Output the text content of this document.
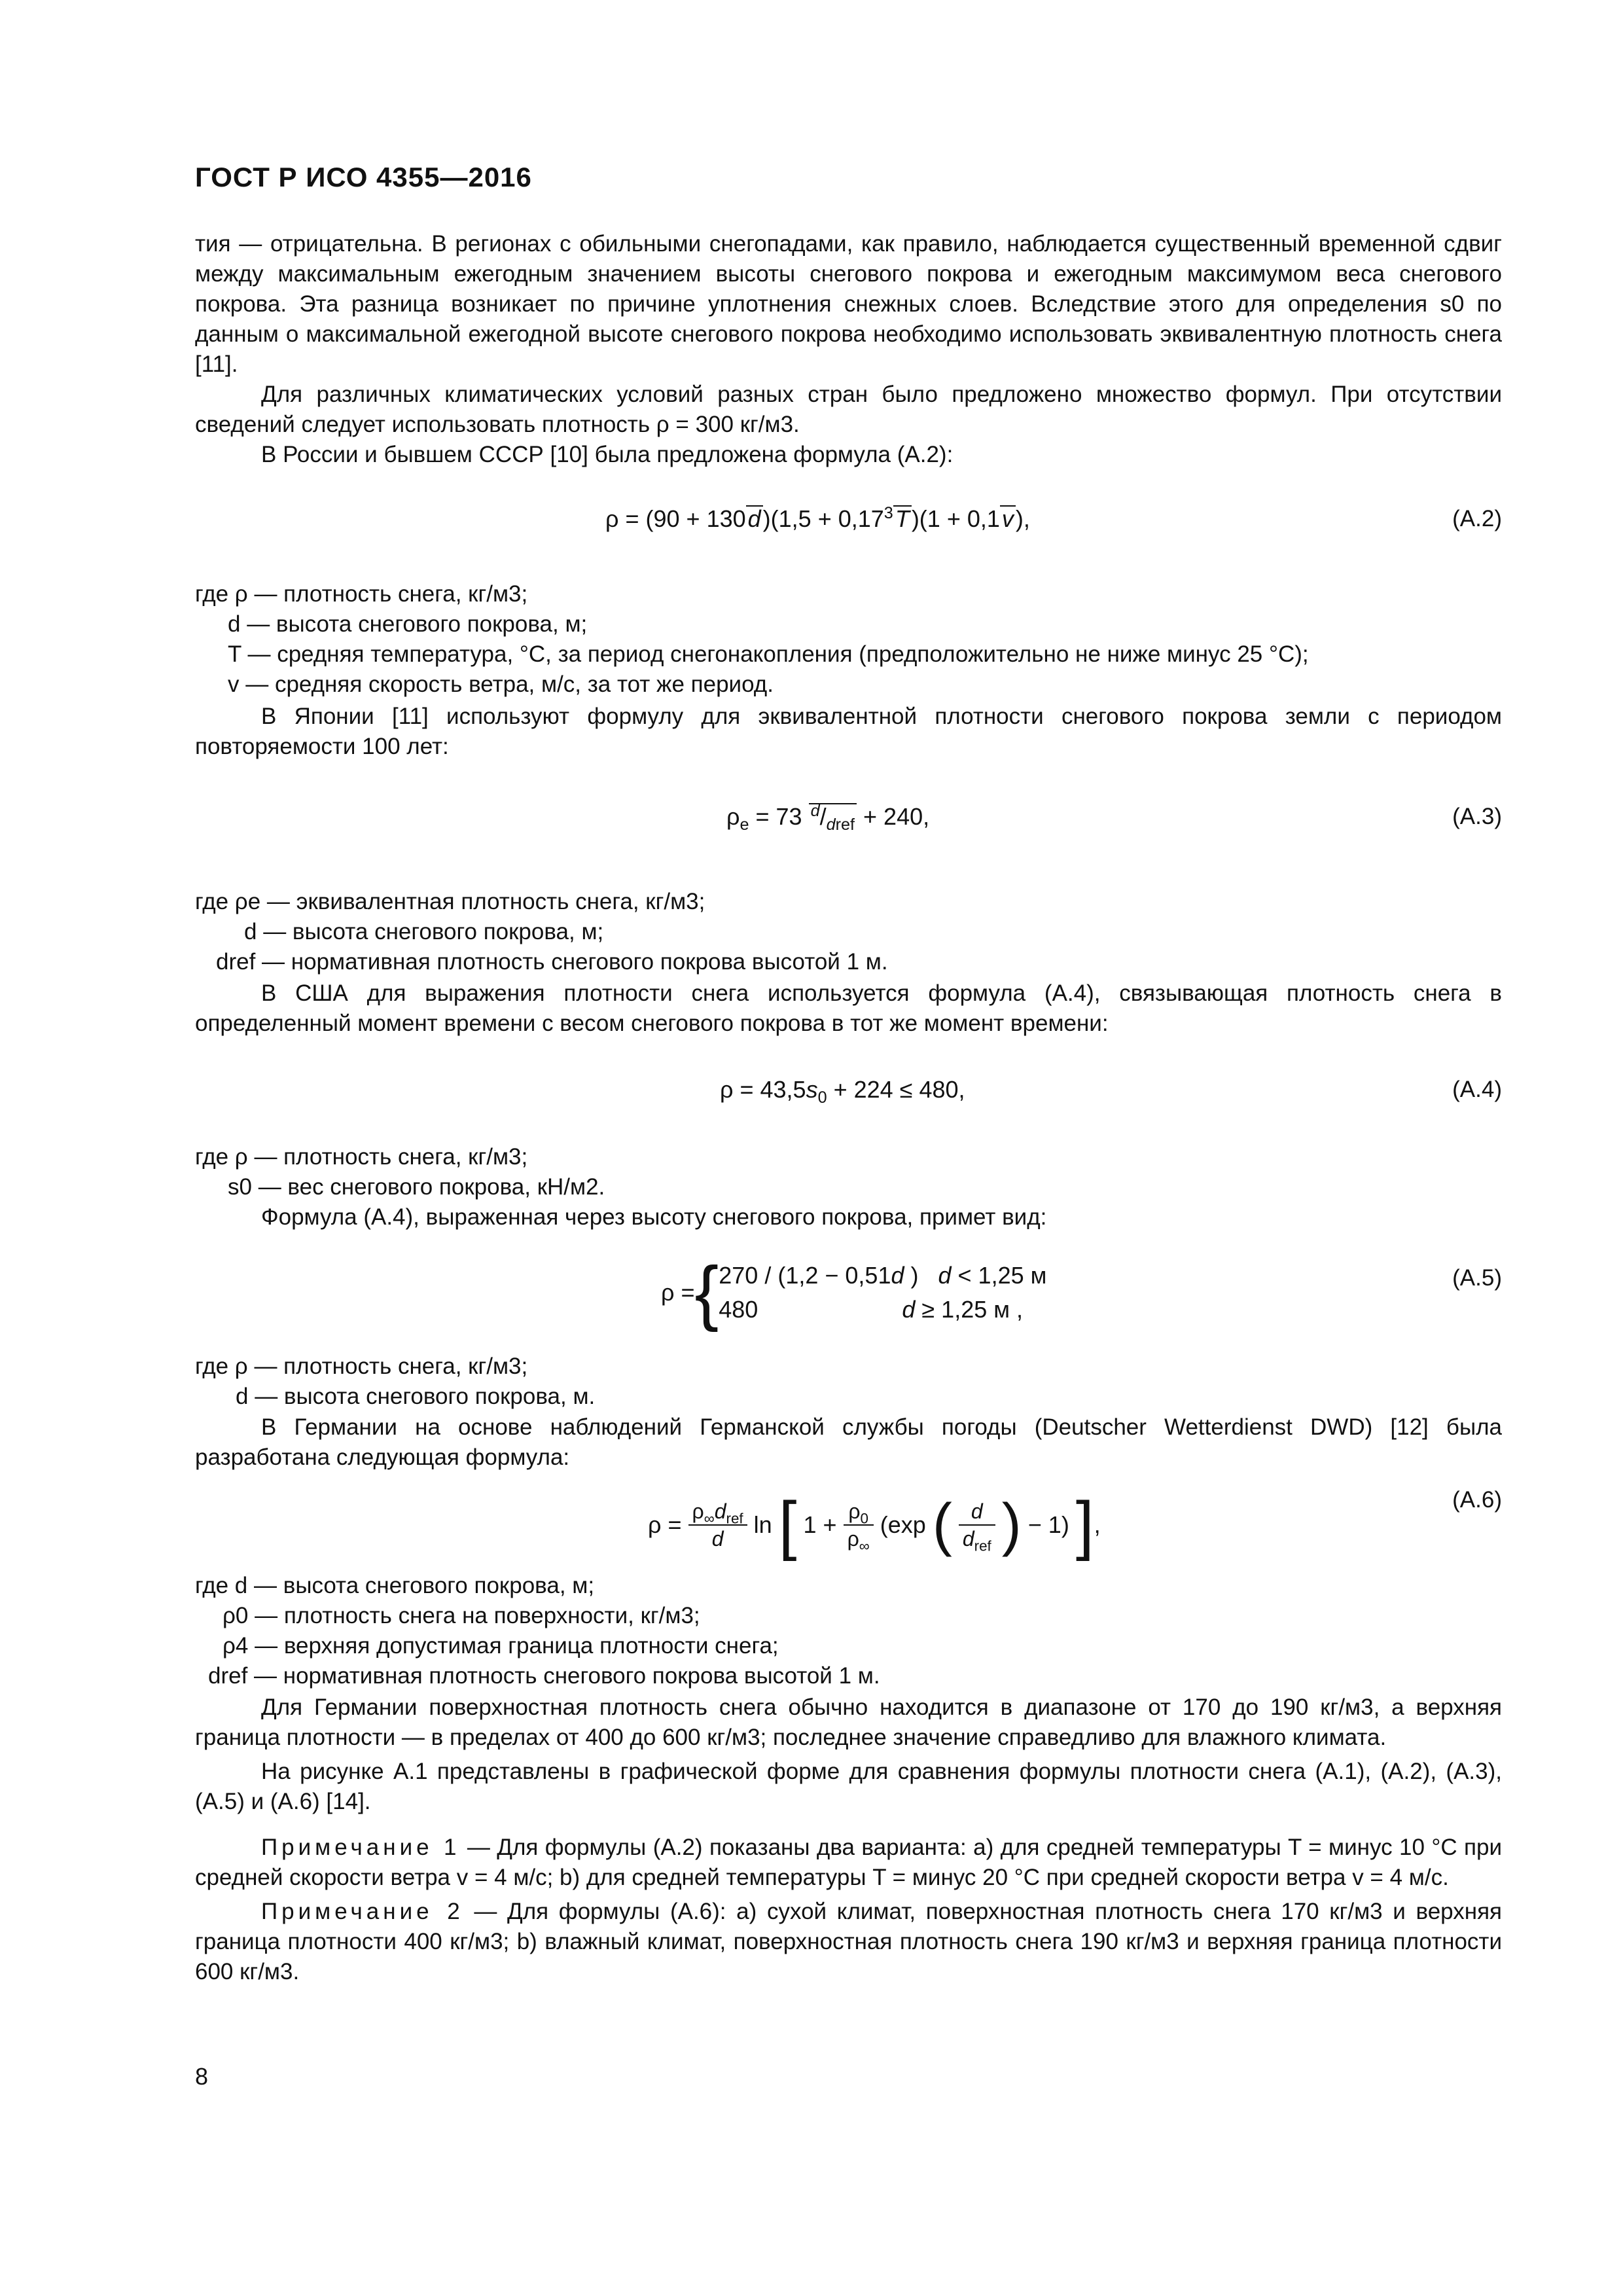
ГОСТ Р ИСО 4355—2016

тия — отрицательна. В регионах с обильными снегопадами, как правило, наблюдается существенный временной сдвиг между максимальным ежегодным значением высоты снегового покрова и ежегодным максимумом веса снегового покрова. Эта разница возникает по причине уплотнения снежных слоев. Вследствие этого для определения s0 по данным о максимальной ежегодной высоте снегового покрова необходимо использовать эквивалентную плотность снега [11].

Для различных климатических условий разных стран было предложено множество формул. При отсутствии сведений следует использовать плотность ρ = 300 кг/м3.

В России и бывшем СССР [10] была предложена формула (А.2):

$\rho = (90 + 130d)(1,5 + 0,17^3T)(1 + 0,1v)$,	(А.2)

где ρ — плотность снега, кг/м3;

d — высота снегового покрова, м;

T — средняя температура, °С, за период снегонакопления (предположительно не ниже минус 25 °С);

v — средняя скорость ветра, м/с, за тот же период.

В Японии [11] используют формулу для эквивалентной плотности снегового покрова земли с периодом повторяемости 100 лет:

$\rho_e = 73$ $^d/_{dref} + 240$,	(А.3)

где ρe — эквивалентная плотность снега, кг/м3;

d — высота снегового покрова, м;

dref — нормативная плотность снегового покрова высотой 1 м.

В США для выражения плотности снега используется формула (А.4), связывающая плотность снега в определенный момент времени с весом снегового покрова в тот же момент времени:

$\rho = 43,5s_0 + 224 \le 480$,	(А.4)

где ρ — плотность снега, кг/м3;

s0 — вес снегового покрова, кН/м2.

Формула (А.4), выраженная через высоту снегового покрова, примет вид:

ρ ={270 / (1,2 − 0,51d )   d < 1,25 м
480                      d ≥ 1,25 м ,
(А.5)

где ρ — плотность снега, кг/м3;

d — высота снегового покрова, м.

В Германии на основе наблюдений Германской службы погоды (Deutscher Wetterdienst DWD) [12] была разработана следующая формула:

$\rho = \frac{\rho_\infty d_{ref}}{d}$ ln [ $1 + \frac{\rho_0}{\rho_\infty} (\exp$ ( $\frac{d}{d_{ref}}$ ) − 1) ],
(А.6)

где d — высота снегового покрова, м;

ρ0 — плотность снега на поверхности, кг/м3;

ρ4 — верхняя допустимая граница плотности снега;

dref — нормативная плотность снегового покрова высотой 1 м.

Для Германии поверхностная плотность снега обычно находится в диапазоне от 170 до 190 кг/м3, а верхняя граница плотности — в пределах от 400 до 600 кг/м3; последнее значение справедливо для влажного климата.

На рисунке А.1 представлены в графической форме для сравнения формулы плотности снега (А.1), (А.2), (А.3), (А.5) и (А.6) [14].

Примечание 1 — Для формулы (А.2) показаны два варианта: a) для средней температуры T = минус 10 °С при средней скорости ветра v = 4 м/с; b) для средней температуры T = минус 20 °С при средней скорости ветра v = 4 м/с.

Примечание 2 — Для формулы (А.6): a) сухой климат, поверхностная плотность снега 170 кг/м3 и верхняя граница плотности 400 кг/м3; b) влажный климат, поверхностная плотность снега 190 кг/м3 и верхняя граница плотности 600 кг/м3.

8
